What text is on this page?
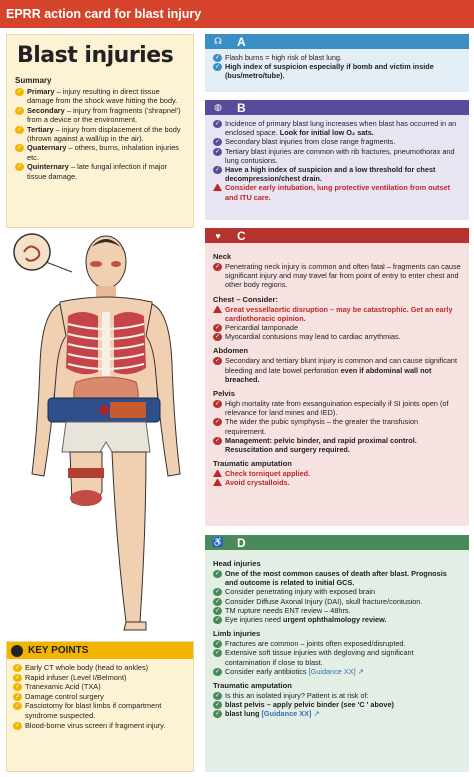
EPRR action card for blast injury
Blast injuries
Summary
✓ Primary – injury resulting in direct tissue damage from the shock wave hitting the body.
✓ Secondary – injury from fragments ('shrapnel') from a device or the environment.
✓ Tertiary – injury from displacement of the body (thrown against a wall/up in the air).
✓ Quaternary – others, burns, inhalation injuries etc.
✓ Quinternary – late fungal infection if major tissue damage.
KEY POINTS
✓ Early CT whole body (head to ankles)
✓ Rapid infuser (Level I/Belmont)
✓ Tranexamic Acid (TXA)
✓ Damage control surgery
✓ Fasciotomy for blast limbs if compartment syndrome suspected.
✓ Blood-borne virus screen if fragment injury.
☊	A
✓ Flash burns = high risk of blast lung.
✓ High index of suspicion especially if bomb and victim inside (bus/metro/tube).
◍	B
✓ Incidence of primary blast lung increases when blast has occurred in an enclosed space. Look for initial low O₂ sats.
✓ Secondary blast injuries from close range fragments.
✓ Tertiary blast injuries are common with rib fractures, pneumothorax and lung contusions.
✓ Have a high index of suspicion and a low threshold for chest decompression/chest drain.
Consider early intubation, lung protective ventilation from outset and ITU care.
♥	C
Neck
✓ Penetrating neck injury is common and often fatal – fragments can cause significant injury and may travel far from point of entry to enter chest and other body regions.
Chest – Consider:
Great vessel/aortic disruption – may be catastrophic. Get an early cardiothoracic opinion.
✓ Pericardial tamponade
✓ Myocardial contusions may lead to cardiac arrythmias.
Abdomen
✓ Secondary and tertiary blunt injury is common and can cause significant bleeding and late bowel perforation even if abdominal wall not breached.
Pelvis
✓ High mortality rate from exsanguination especially if SI joints open (of relevance for land mines and IED).
✓ The wider the pubic symphysis – the greater the transfusion requirement.
✓ Management: pelvic binder, and rapid proximal control. Resuscitation and surgery required.
Traumatic amputation
Check torniquet applied.
Avoid crystalloids.
♿	D
Head injuries
✓ One of the most common causes of death after blast. Prognosis and outcome is related to initial GCS.
✓ Consider penetrating injury with exposed brain
✓ Consider Diffuse Axonal Injury (DAI), skull fracture/contusion.
✓ TM rupture needs ENT review – 48hrs.
✓ Eye injuries need urgent ophthalmology review.
Limb injuries
✓ Fractures are common – joints often exposed/disrupted.
✓ Extensive soft tissue injuries with degloving and significant contamination if close to blast.
✓ Consider early antibiotics [Guidance XX] ↗
Traumatic amputation
✓ Is this an isolated injury? Patient is at risk of:
✓ blast pelvis – apply pelvic binder (see 'C ' above)
✓ blast lung [Guidance XX] ↗
